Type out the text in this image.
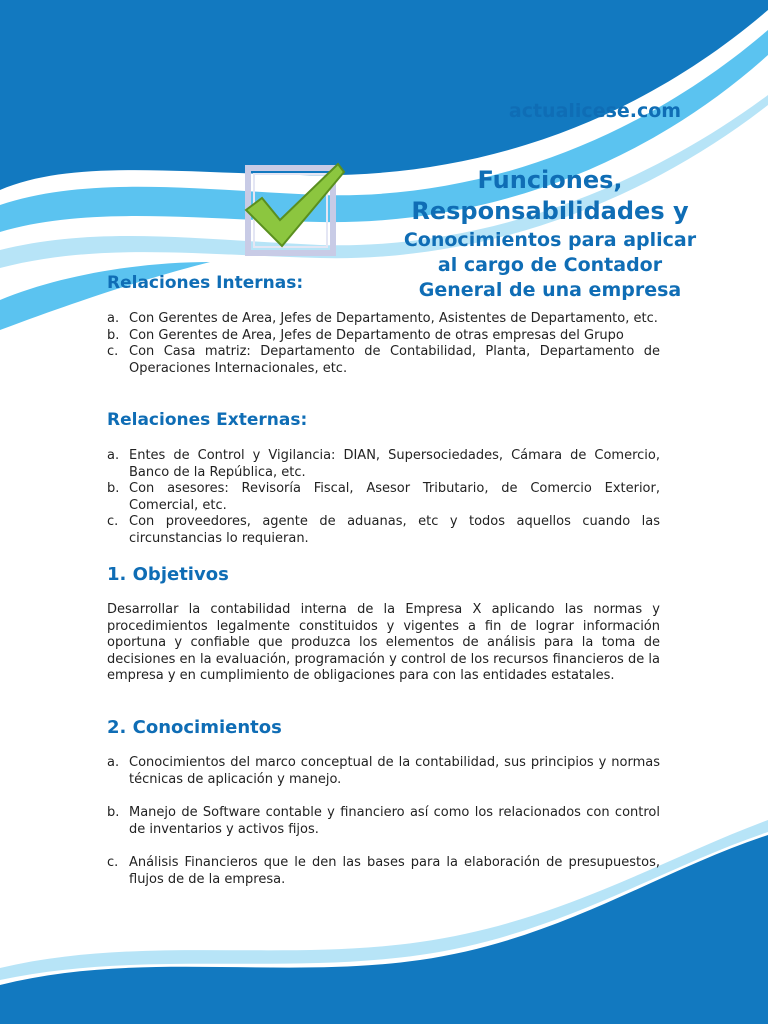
actualicese.com
Funciones,
Responsabilidades y
Conocimientos para aplicar al cargo de Contador General de una empresa
Relaciones Internas:
a. Con Gerentes de Area, Jefes de Departamento, Asistentes de Departamento, etc.
b. Con Gerentes de Area, Jefes de Departamento de otras empresas del Grupo
c. Con Casa matriz: Departamento de Contabilidad, Planta, Departamento de Operaciones Internacionales, etc.
Relaciones Externas:
a. Entes de Control y Vigilancia: DIAN, Supersociedades, Cámara de Comercio, Banco de la República, etc.
b. Con asesores: Revisoría Fiscal, Asesor Tributario, de Comercio Exterior, Comercial, etc.
c. Con proveedores, agente de aduanas, etc y todos aquellos cuando las circunstancias lo requieran.
1. Objetivos
Desarrollar la contabilidad interna de la Empresa X aplicando las normas y procedimientos legalmente constituidos y vigentes a fin de lograr información oportuna y confiable que produzca los elementos de análisis para la toma de decisiones en la evaluación, programación y control de los recursos financieros de la empresa y en cumplimiento de obligaciones para con las entidades estatales.
2. Conocimientos
a. Conocimientos del marco conceptual de la contabilidad, sus principios y normas técnicas de aplicación y manejo.
b. Manejo de Software contable y financiero así como los relacionados con control de inventarios y activos fijos.
c. Análisis Financieros que le den las bases para la elaboración de presupuestos, flujos de de la empresa.
